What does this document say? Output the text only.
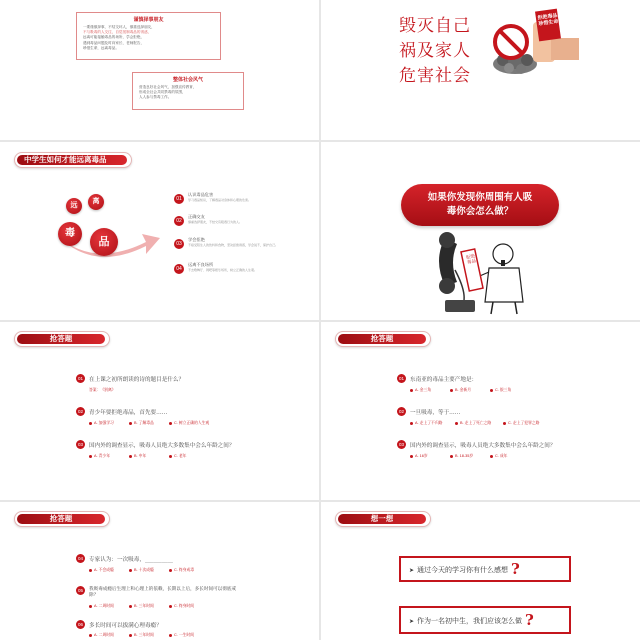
谨慎择事朋友
一要谨慎择事，不结交坏人，慎重选择朋友，
不与吸毒的人交往，自觉抵制毒品的诱惑，
远离可能接触毒品的场所，学会拒绝，
遇到毒品问题及时向家长、老师报告，
珍惜生命，远离毒品。
整体社会风气
营造良好社会风气，加强宣传教育，
形成全社会共同禁毒的氛围，
人人参与禁毒工作。
毁灭自己
祸及家人
危害社会
拒绝毒品 珍惜生命
中学生如何才能远离毒品
远
离
毒
品
01
认识毒品危害
学习毒品知识，了解毒品对身体和心理的危害。
02
正确交友
慎重选择朋友，不结交有吸毒行为的人。
03
学会拒绝
不接受陌生人的饮料和食物，坚决拒绝诱惑，学会说不，保护自己。
04
远离不良场所
不去歌舞厅、网吧等娱乐场所，树立正确的人生观。
如果你发现你周围有人吸
毒你会怎么做？
拒绝毒品
抢答题
01	在上课之初所朗读的诗的题目是什么？
答案：《别离》
02	青少年要拒绝毒品，首先要……
A. 加强学习	B. 了解毒品	C. 树立正确的人生观
03	国内外的调查显示，吸毒人员绝大多数集中会么年龄之间？
A. 青少年	B. 中年	C. 老年
抢答题
01	东南亚的毒品主要产地是：
A. 金三角	B. 金新月	C. 银三角
02	一旦吸毒，等于……
A. 走上了不归路	B. 走上了死亡之路	C. 走上了犯罪之路
03	国内外的调查显示，吸毒人员绝大多数集中会么年龄之间？
A. 16岁	B. 18-35岁	C. 成年
抢答题
04	专家认为：一次吸毒，__________
A. 不会成瘾	B. 十次成瘾	C. 终身戒毒
05	我吸毒成瘾后生理上和心理上的依赖，长期以上后，多长时间可以彻底戒除？
A. 二周时间	B. 三年时间	C. 终身时间
06	多长时间可以拔满心理毒瘾？
A. 二周时间	B. 三年时间	C. 一生时间
想一想
➤ 通过今天的学习你有什么感想 ?
➤ 作为一名初中生，我们应该怎么做 ?
